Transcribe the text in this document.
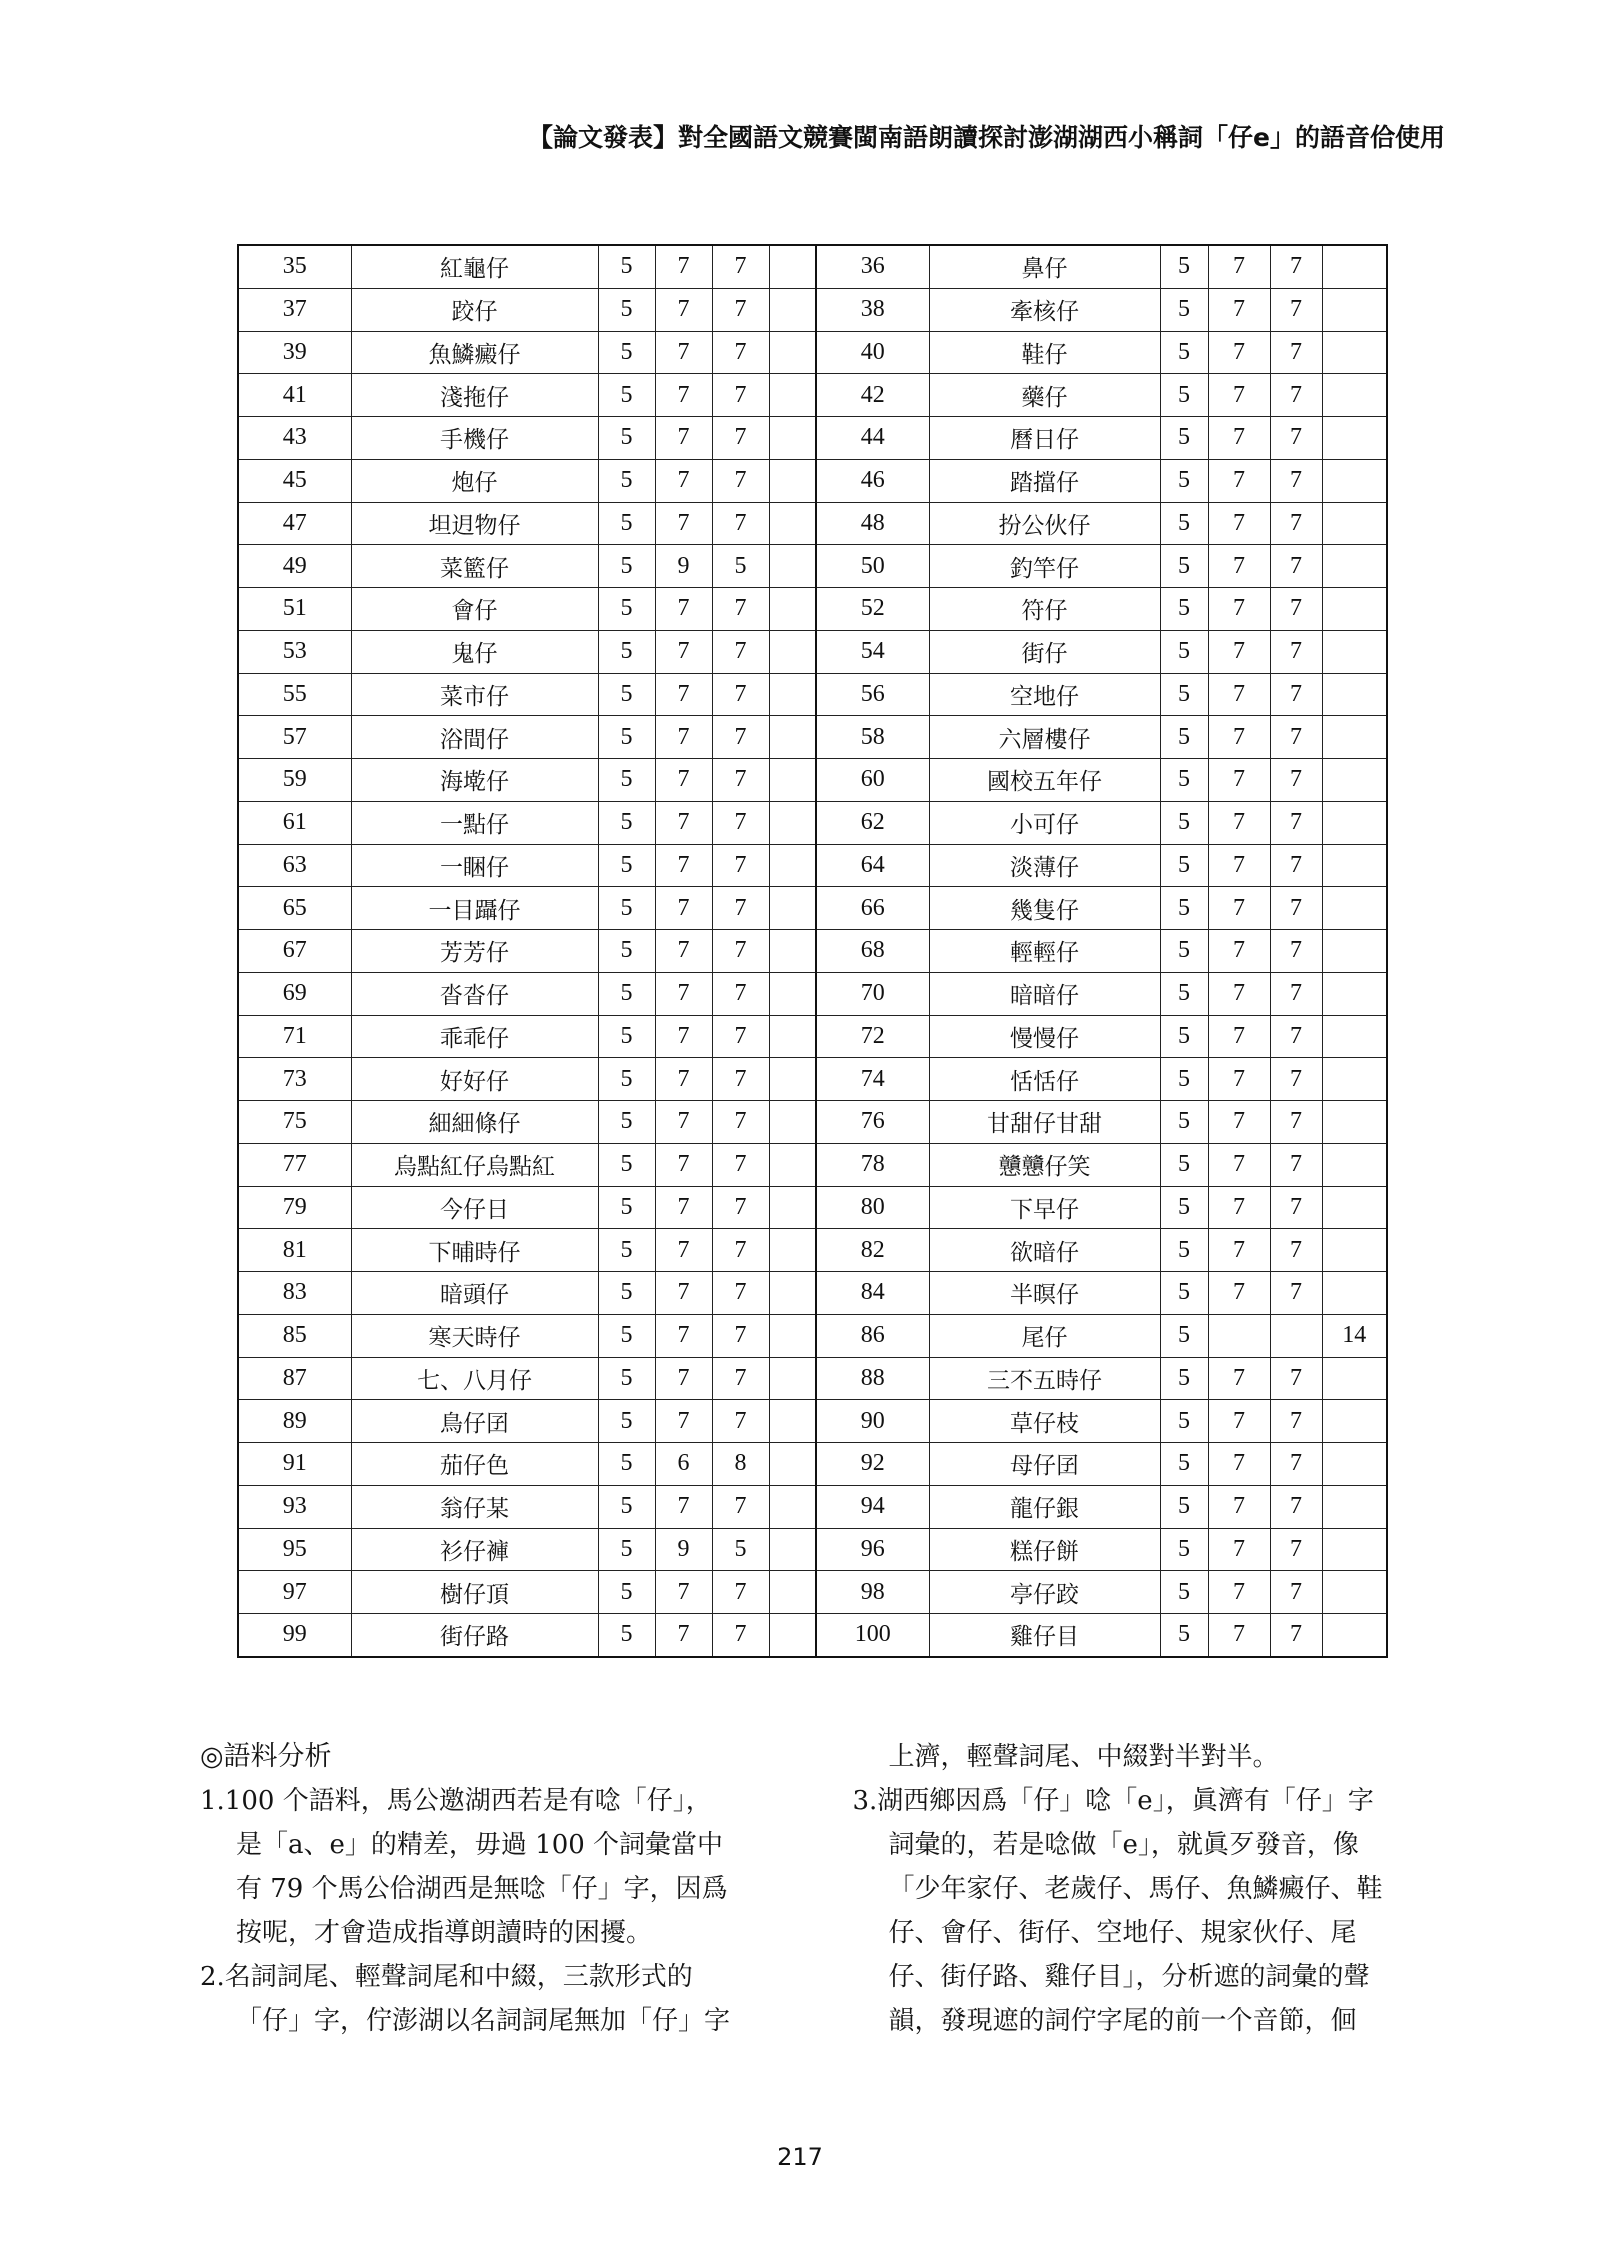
【論文發表】對全國語文競賽閩南語朗讀探討澎湖湖西小稱詞「仔e」的語音佮使用
35	紅龜仔	5	7	7		36	鼻仔	5	7	7	
37	跤仔	5	7	7		38	牽核仔	5	7	7	
39	魚鱗癜仔	5	7	7		40	鞋仔	5	7	7	
41	淺拖仔	5	7	7		42	藥仔	5	7	7	
43	手機仔	5	7	7		44	曆日仔	5	7	7	
45	炮仔	5	7	7		46	踏擋仔	5	7	7	
47	坦迌物仔	5	7	7		48	扮公伙仔	5	7	7	
49	菜籃仔	5	9	5		50	釣竿仔	5	7	7	
51	會仔	5	7	7		52	符仔	5	7	7	
53	鬼仔	5	7	7		54	街仔	5	7	7	
55	菜市仔	5	7	7		56	空地仔	5	7	7	
57	浴間仔	5	7	7		58	六層樓仔	5	7	7	
59	海墘仔	5	7	7		60	國校五年仔	5	7	7	
61	一點仔	5	7	7		62	小可仔	5	7	7	
63	一睏仔	5	7	7		64	淡薄仔	5	7	7	
65	一目躡仔	5	7	7		66	幾隻仔	5	7	7	
67	芳芳仔	5	7	7		68	輕輕仔	5	7	7	
69	沓沓仔	5	7	7		70	暗暗仔	5	7	7	
71	乖乖仔	5	7	7		72	慢慢仔	5	7	7	
73	好好仔	5	7	7		74	恬恬仔	5	7	7	
75	細細條仔	5	7	7		76	甘甜仔甘甜	5	7	7	
77	烏點紅仔烏點紅	5	7	7		78	戇戇仔笑	5	7	7	
79	今仔日	5	7	7		80	下早仔	5	7	7	
81	下晡時仔	5	7	7		82	欲暗仔	5	7	7	
83	暗頭仔	5	7	7		84	半暝仔	5	7	7	
85	寒天時仔	5	7	7		86	尾仔	5			14
87	七、八月仔	5	7	7		88	三不五時仔	5	7	7	
89	鳥仔囝	5	7	7		90	草仔枝	5	7	7	
91	茄仔色	5	6	8		92	母仔囝	5	7	7	
93	翁仔某	5	7	7		94	龍仔銀	5	7	7	
95	衫仔褲	5	9	5		96	糕仔餅	5	7	7	
97	樹仔頂	5	7	7		98	亭仔跤	5	7	7	
99	街仔路	5	7	7		100	雞仔目	5	7	7	
◎語料分析
1.100 个語料，馬公邀湖西若是有唸「仔」，
是「a、e」的精差，毋過 100 个詞彙當中
有 79 个馬公佮湖西是無唸「仔」字，因爲
按呢，才會造成指導朗讀時的困擾。
2.名詞詞尾、輕聲詞尾和中綴，三款形式的
「仔」字，佇澎湖以名詞詞尾無加「仔」字
上濟，輕聲詞尾、中綴對半對半。
3.湖西鄉因爲「仔」唸「e」，眞濟有「仔」字
詞彙的，若是唸做「e」，就眞歹發音，像
「少年家仔、老歲仔、馬仔、魚鱗癜仔、鞋
仔、會仔、街仔、空地仔、規家伙仔、尾
仔、街仔路、雞仔目」，分析遮的詞彙的聲
韻，發現遮的詞佇字尾的前一个音節，佪
217
